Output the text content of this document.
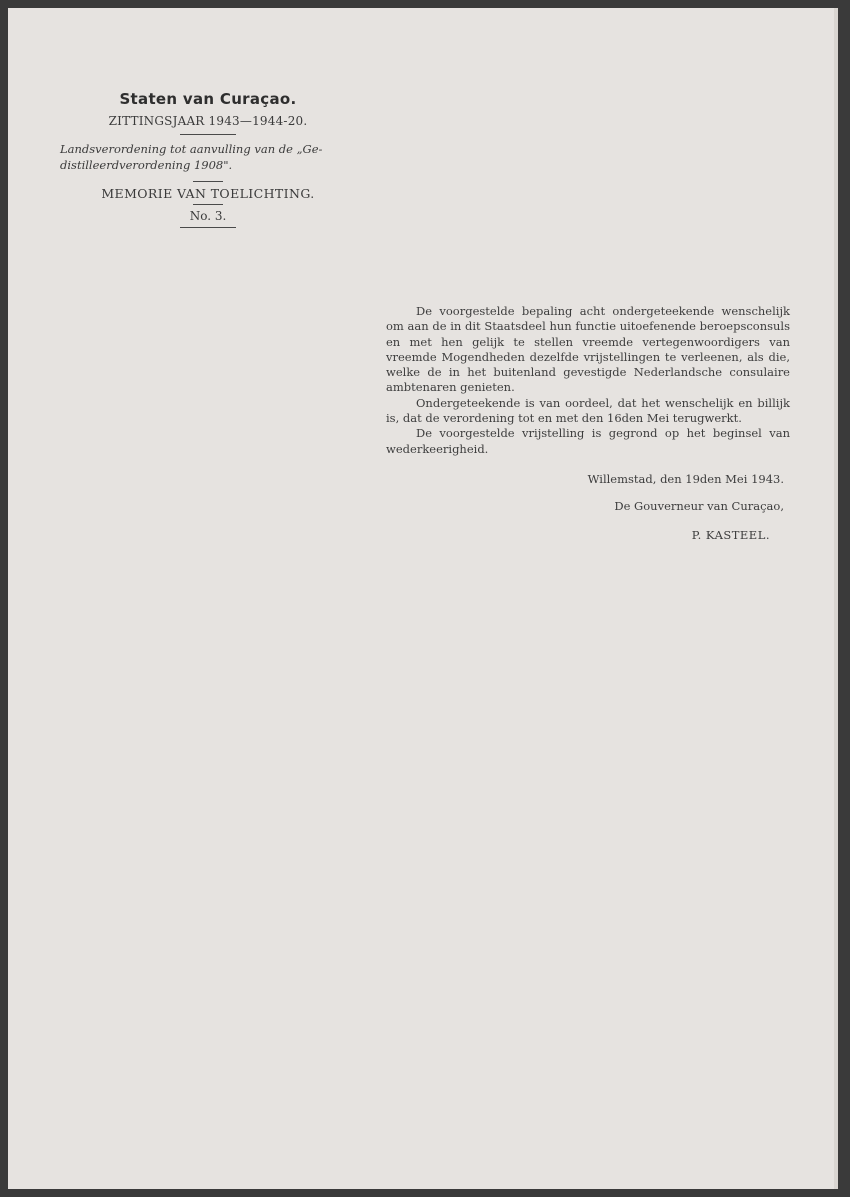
Staten van Curaçao.
ZITTINGSJAAR 1943—1944-20.
Landsverordening tot aanvulling van de „Ge-
distilleerdverordening 1908".
MEMORIE VAN TOELICHTING.
No. 3.

De voorgestelde bepaling acht ondergeteekende wenschelijk om aan de in dit Staatsdeel hun functie uitoefenende beroepsconsuls en met hen gelijk te stellen vreemde vertegenwoordigers van vreemde Mogendheden dezelfde vrijstellingen te verleenen, als die, welke de in het buitenland gevestigde Nederlandsche consulaire ambtenaren genieten.

Ondergeteekende is van oordeel, dat het wenschelijk en billijk is, dat de verordening tot en met den 16den Mei terugwerkt.

De voorgestelde vrijstelling is gegrond op het beginsel van wederkeerigheid.

Willemstad, den 19den Mei 1943.
De Gouverneur van Curaçao,
P. KASTEEL.
